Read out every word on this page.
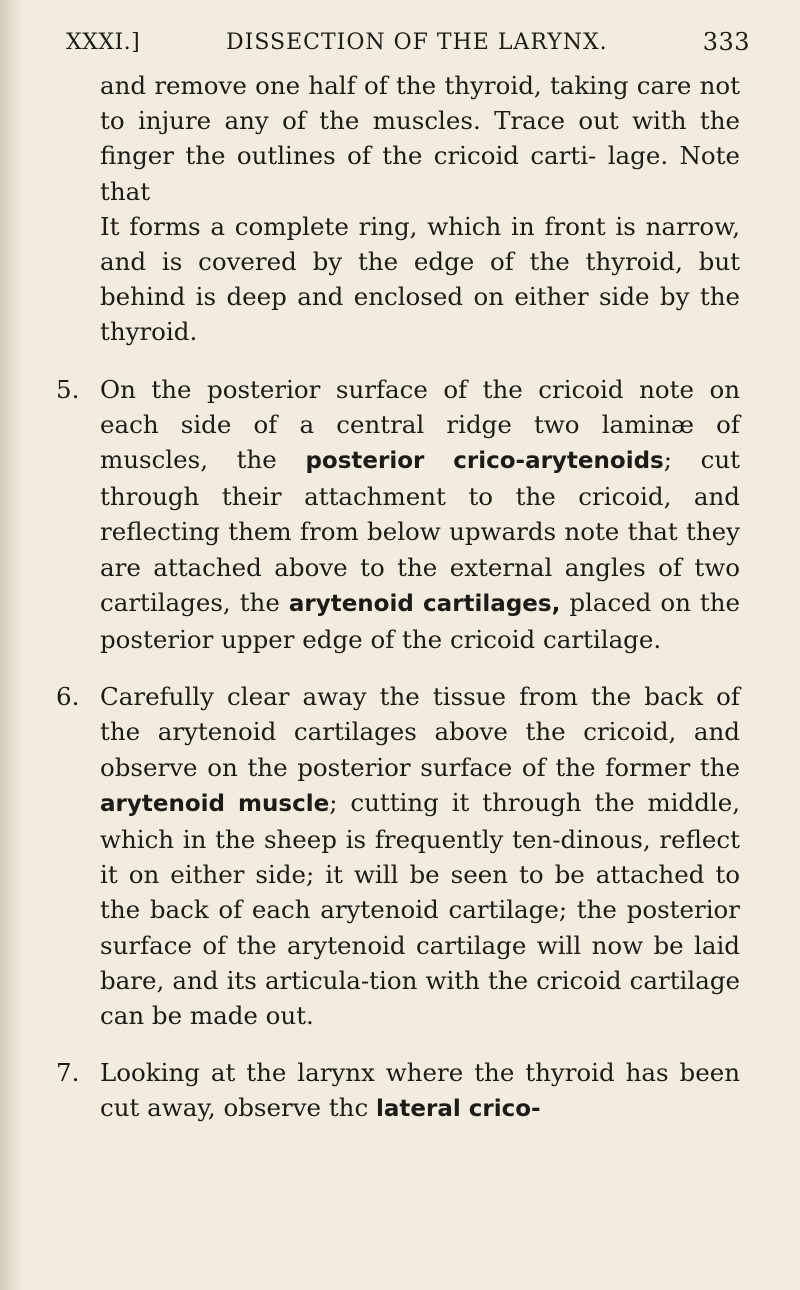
XXXI.]	DISSECTION OF THE LARYNX.	333

and remove one half of the thyroid, taking care not to injure any of the muscles. Trace out with the finger the outlines of the cricoid carti- lage. Note that

It forms a complete ring, which in front is narrow, and is covered by the edge of the thyroid, but behind is deep and enclosed on either side by the thyroid.

5. On the posterior surface of the cricoid note on each side of a central ridge two laminæ of muscles, the posterior crico-arytenoids; cut through their attachment to the cricoid, and reflecting them from below upwards note that they are attached above to the external angles of two cartilages, the arytenoid cartilages, placed on the posterior upper edge of the cricoid cartilage.

6. Carefully clear away the tissue from the back of the arytenoid cartilages above the cricoid, and observe on the posterior surface of the former the arytenoid muscle; cutting it through the middle, which in the sheep is frequently ten-dinous, reflect it on either side; it will be seen to be attached to the back of each arytenoid cartilage; the posterior surface of the arytenoid cartilage will now be laid bare, and its articula-tion with the cricoid cartilage can be made out.

7. Looking at the larynx where the thyroid has been cut away, observe thc lateral crico-
